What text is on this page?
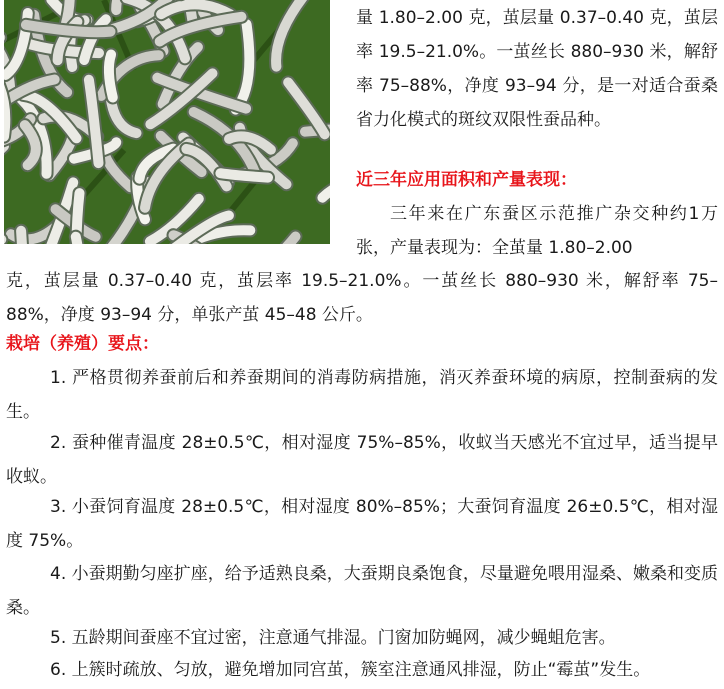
量 1.80–2.00 克，茧层量 0.37–0.40 克，茧层率 19.5–21.0%。一茧丝长 880–930 米，解舒率 75–88%，净度 93–94 分，是一对适合蚕桑省力化模式的斑纹双限性蚕品种。

近三年应用面积和产量表现：

三年来在广东蚕区示范推广杂交种约1万张，产量表现为：全茧量 1.80–2.00

克，茧层量 0.37–0.40 克，茧层率 19.5–21.0%。一茧丝长 880–930 米，解舒率 75–88%，净度 93–94 分，单张产茧 45–48 公斤。

栽培（养殖）要点：

1. 严格贯彻养蚕前后和养蚕期间的消毒防病措施，消灭养蚕环境的病原，控制蚕病的发生。

2. 蚕种催青温度 28±0.5℃，相对湿度 75%–85%，收蚁当天感光不宜过早，适当提早收蚁。

3. 小蚕饲育温度 28±0.5℃，相对湿度 80%–85%；大蚕饲育温度 26±0.5℃，相对湿度 75%。

4. 小蚕期勤匀座扩座，给予适熟良桑，大蚕期良桑饱食，尽量避免喂用湿桑、嫩桑和变质桑。

5. 五龄期间蚕座不宜过密，注意通气排湿。门窗加防蝇网，减少蝇蛆危害。

6. 上簇时疏放、匀放，避免增加同宫茧，簇室注意通风排湿，防止“霉茧”发生。
